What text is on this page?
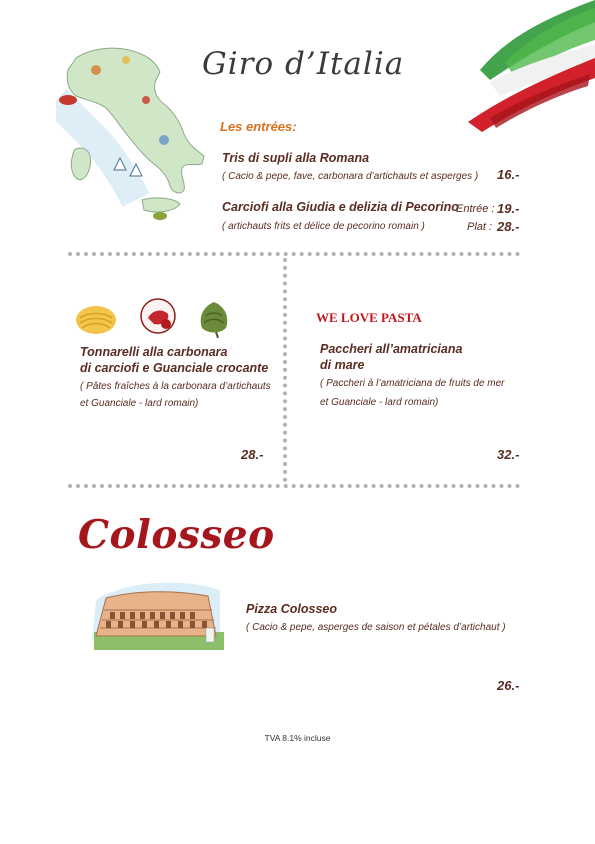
Giro d’Italia
Les entrées:
Tris di supli alla Romana
( Cacio & pepe, fave, carbonara d’artichauts et asperges ) 16.-
Carciofi alla Giudia e delizia di Pecorino
( artichauts frits et délice de pecorino romain )
Entrée : 19.-
Plat : 28.-
Tonnarelli alla carbonara
di carciofi e Guanciale crocante
( Pâtes fraîches à la carbonara d’artichauts
et Guanciale - lard romain)
28.-
WE LOVE PASTA
Paccheri all’amatriciana
di mare
( Paccheri à l’amatriciana de fruits de mer
et Guanciale - lard romain)
32.-
Colosseo
Pizza Colosseo
( Cacio & pepe, asperges de saison et pétales d’artichaut )
26.-
TVA 8.1% incluse
